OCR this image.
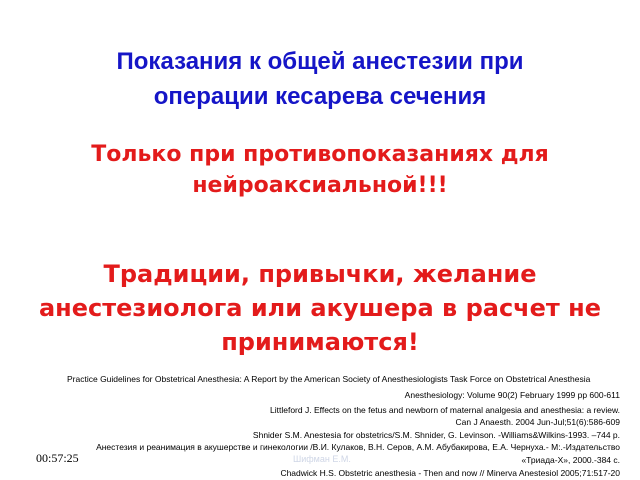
Показания к общей анестезии при
операции кесарева сечения
Только при противопоказаниях для
нейроаксиальной!!!
Традиции, привычки, желание
анестезиолога или акушера в расчет не
принимаются!
Practice Guidelines for Obstetrical Anesthesia: A Report by the American Society of Anesthesiologists Task Force on Obstetrical Anesthesia
Anesthesiology: Volume 90(2) February 1999 pp 600-611
Littleford J. Effects on the fetus and newborn of maternal analgesia and anesthesia: a review.
Can J Anaesth. 2004 Jun-Jul;51(6):586-609
Shnider S.M. Anestesia for obstetrics/S.M. Shnider, G. Levinson. -Williams&Wilkins-1993. –744 p.
Анестезия и реанимация в акушерстве и гинекологии /В.И. Кулаков, В.Н. Серов, А.М. Абубакирова, Е.А. Чернуха.- М:.-Издательство
«Триада-Х», 2000.-384 с.
Chadwick H.S. Obstetric anesthesia - Then and now // Minerva Anestesiol 2005;71:517-20
Шифман Е.М.
00:57:25
